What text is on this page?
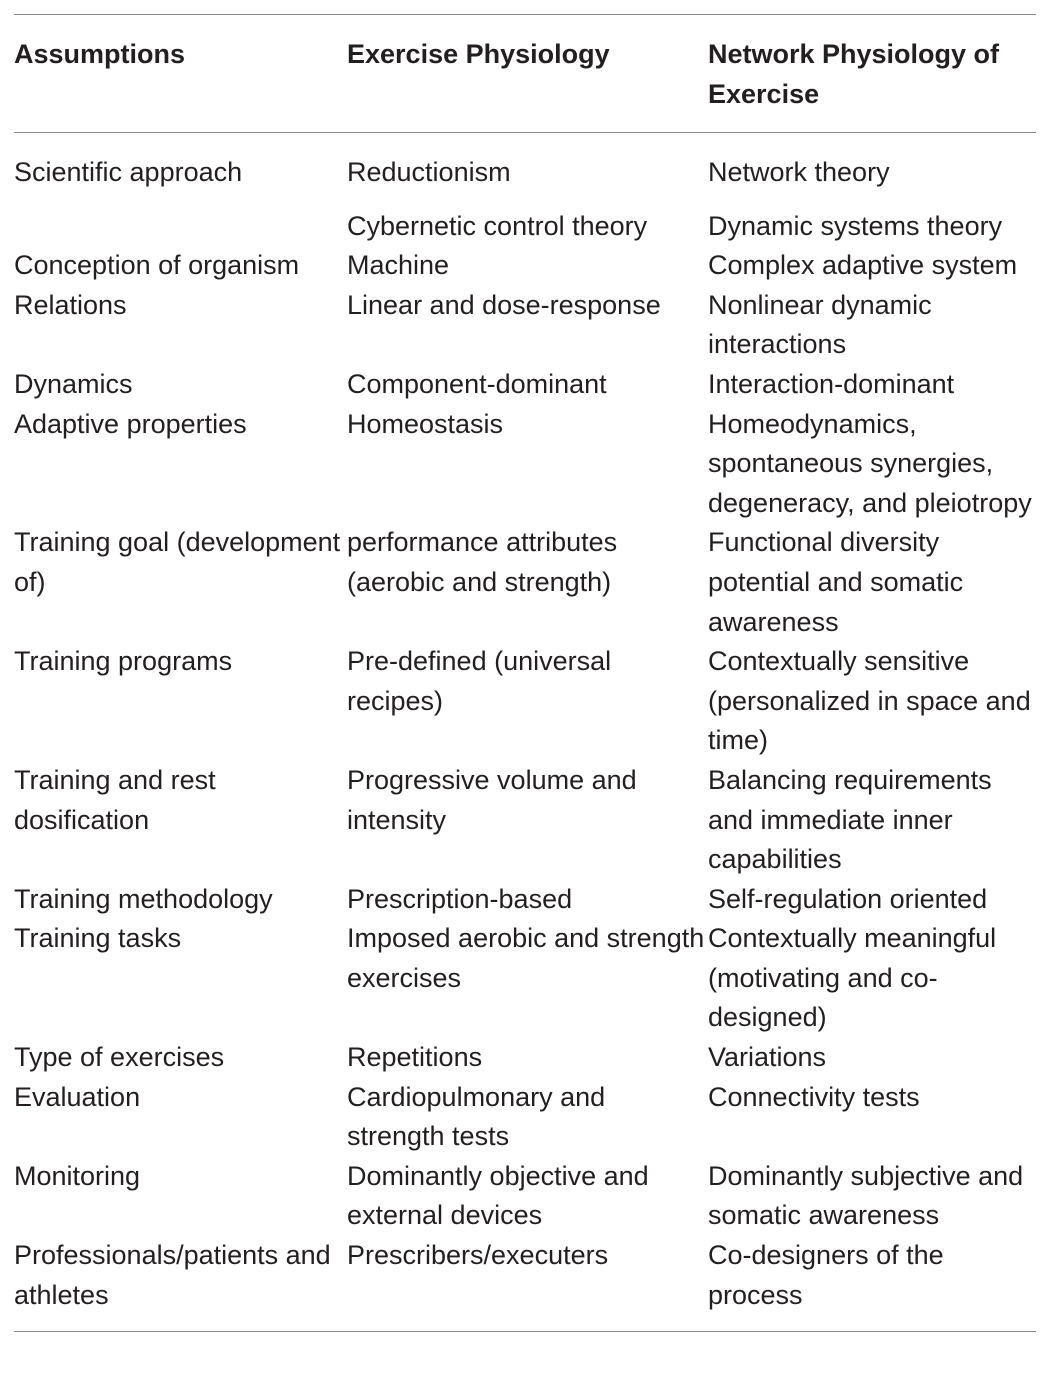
Assumptions	Exercise Physiology	Network Physiology of Exercise

Scientific approach	Reductionism	Network theory
	Cybernetic control theory	Dynamic systems theory
Conception of organism	Machine	Complex adaptive system
Relations	Linear and dose-response	Nonlinear dynamic interactions
Dynamics	Component-dominant	Interaction-dominant
Adaptive properties	Homeostasis	Homeodynamics, spontaneous synergies, degeneracy, and pleiotropy
Training goal (development of)	performance attributes (aerobic and strength)	Functional diversity potential and somatic awareness
Training programs	Pre-defined (universal recipes)	Contextually sensitive (personalized in space and time)
Training and rest dosification	Progressive volume and intensity	Balancing requirements and immediate inner capabilities
Training methodology	Prescription-based	Self-regulation oriented
Training tasks	Imposed aerobic and strength exercises	Contextually meaningful (motivating and co-designed)
Type of exercises	Repetitions	Variations
Evaluation	Cardiopulmonary and strength tests	Connectivity tests
Monitoring	Dominantly objective and external devices	Dominantly subjective and somatic awareness
Professionals/patients and athletes	Prescribers/executers	Co-designers of the process
